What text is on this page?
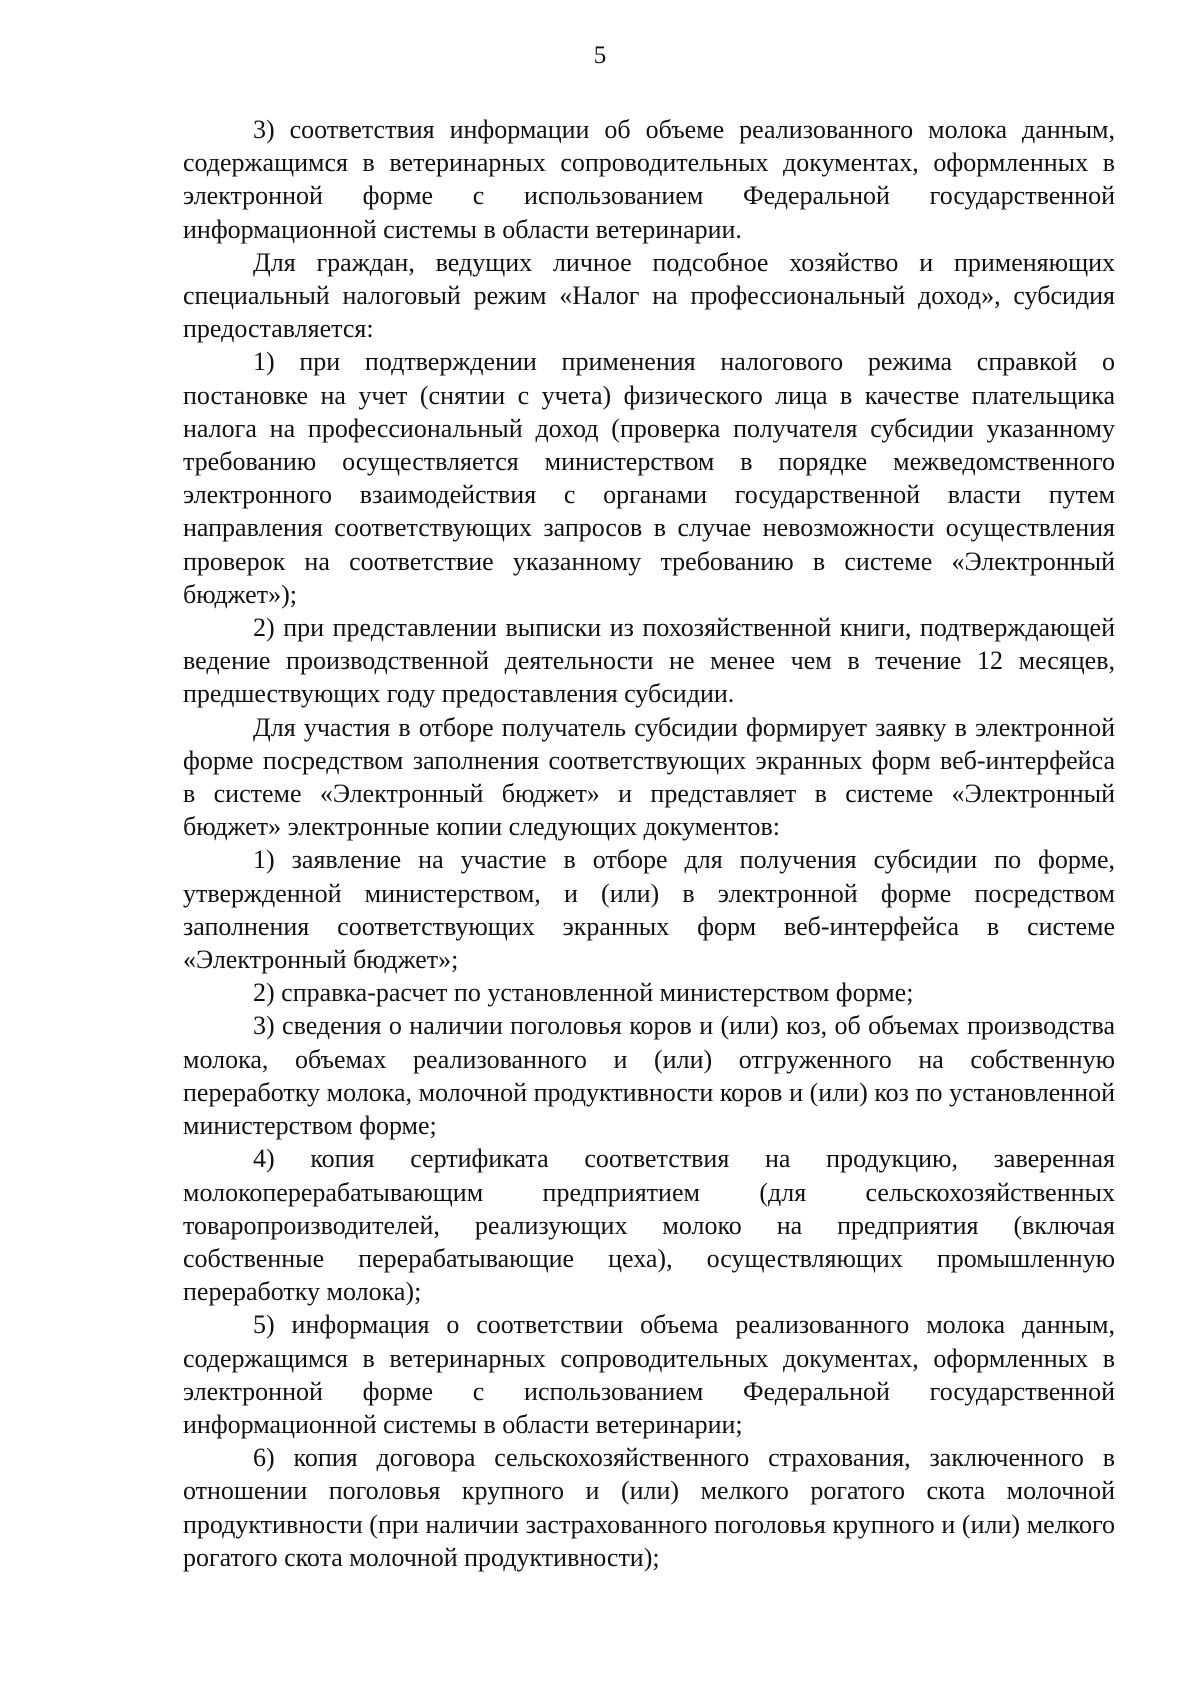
5

3) соответствия информации об объеме реализованного молока данным, содержащимся в ветеринарных сопроводительных документах, оформленных в электронной форме с использованием Федеральной государственной информационной системы в области ветеринарии.

Для граждан, ведущих личное подсобное хозяйство и применяющих специальный налоговый режим «Налог на профессиональный доход», субсидия предоставляется:

1) при подтверждении применения налогового режима справкой о постановке на учет (снятии с учета) физического лица в качестве плательщика налога на профессиональный доход (проверка получателя субсидии указанному требованию осуществляется министерством в порядке межведомственного электронного взаимодействия с органами государственной власти путем направления соответствующих запросов в случае невозможности осуществления проверок на соответствие указанному требованию в системе «Электронный бюджет»);

2) при представлении выписки из похозяйственной книги, подтверждающей ведение производственной деятельности не менее чем в течение 12 месяцев, предшествующих году предоставления субсидии.

Для участия в отборе получатель субсидии формирует заявку в электронной форме посредством заполнения соответствующих экранных форм веб-интерфейса в системе «Электронный бюджет» и представляет в системе «Электронный бюджет» электронные копии следующих документов:

1) заявление на участие в отборе для получения субсидии по форме, утвержденной министерством, и (или) в электронной форме посредством заполнения соответствующих экранных форм веб-интерфейса в системе «Электронный бюджет»;

2) справка-расчет по установленной министерством форме;

3) сведения о наличии поголовья коров и (или) коз, об объемах производства молока, объемах реализованного и (или) отгруженного на собственную переработку молока, молочной продуктивности коров и (или) коз по установленной министерством форме;

4) копия сертификата соответствия на продукцию, заверенная молокоперерабатывающим предприятием (для сельскохозяйственных товаропроизводителей, реализующих молоко на предприятия (включая собственные перерабатывающие цеха), осуществляющих промышленную переработку молока);

5) информация о соответствии объема реализованного молока данным, содержащимся в ветеринарных сопроводительных документах, оформленных в электронной форме с использованием Федеральной государственной информационной системы в области ветеринарии;

6) копия договора сельскохозяйственного страхования, заключенного в отношении поголовья крупного и (или) мелкого рогатого скота молочной продуктивности (при наличии застрахованного поголовья крупного и (или) мелкого рогатого скота молочной продуктивности);
